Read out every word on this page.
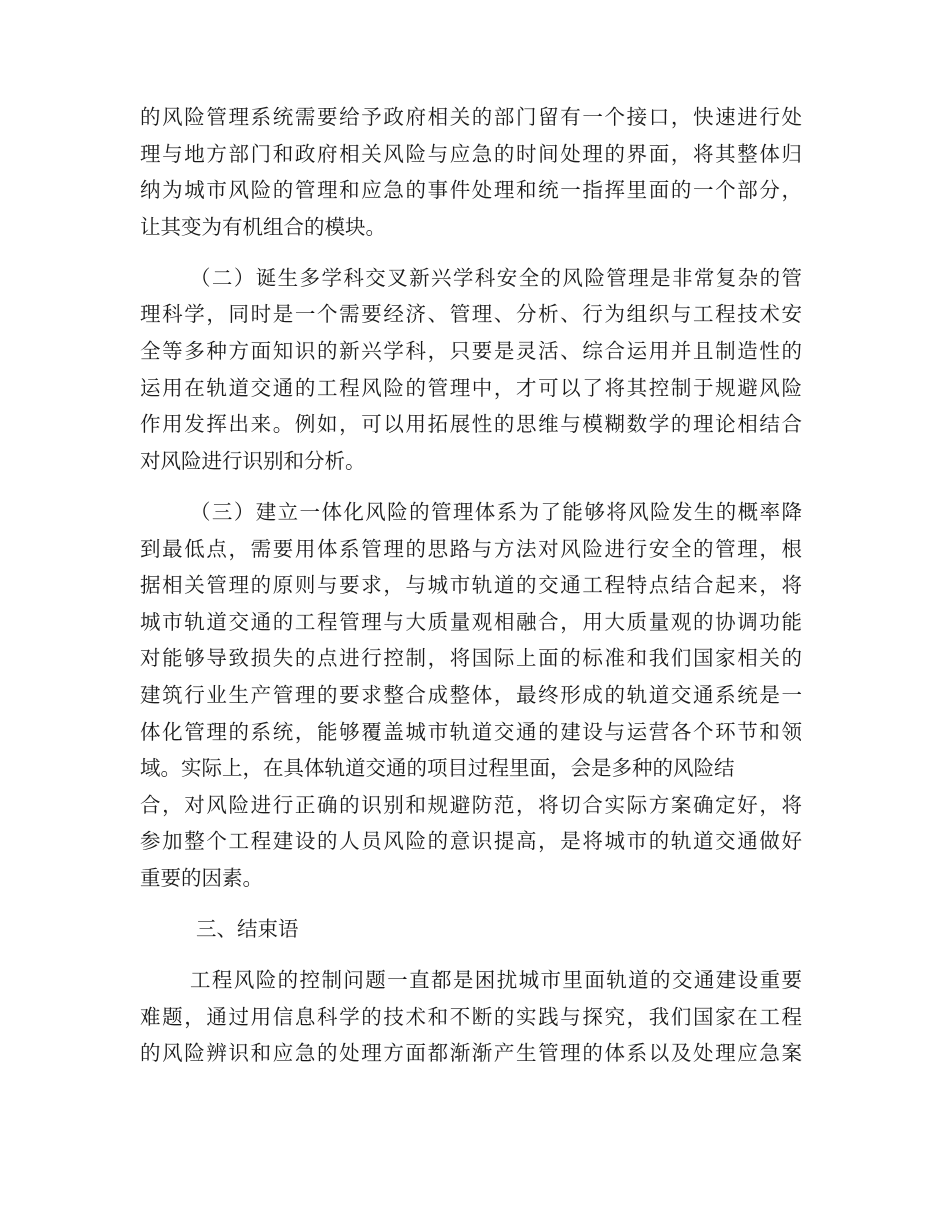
的风险管理系统需要给予政府相关的部门留有一个接口，快速进行处
理与地方部门和政府相关风险与应急的时间处理的界面，将其整体归
纳为城市风险的管理和应急的事件处理和统一指挥里面的一个部分，
让其变为有机组合的模块。
（二）诞生多学科交叉新兴学科安全的风险管理是非常复杂的管
理科学，同时是一个需要经济、管理、分析、行为组织与工程技术安
全等多种方面知识的新兴学科，只要是灵活、综合运用并且制造性的
运用在轨道交通的工程风险的管理中，才可以了将其控制于规避风险
作用发挥出来。例如，可以用拓展性的思维与模糊数学的理论相结合
对风险进行识别和分析。
（三）建立一体化风险的管理体系为了能够将风险发生的概率降
到最低点，需要用体系管理的思路与方法对风险进行安全的管理，根
据相关管理的原则与要求，与城市轨道的交通工程特点结合起来，将
城市轨道交通的工程管理与大质量观相融合，用大质量观的协调功能
对能够导致损失的点进行控制，将国际上面的标准和我们国家相关的
建筑行业生产管理的要求整合成整体，最终形成的轨道交通系统是一
体化管理的系统，能够覆盖城市轨道交通的建设与运营各个环节和领
域。实际上，在具体轨道交通的项目过程里面，会是多种的风险结
合，对风险进行正确的识别和规避防范，将切合实际方案确定好，将
参加整个工程建设的人员风险的意识提高，是将城市的轨道交通做好
重要的因素。
三、结束语
工程风险的控制问题一直都是困扰城市里面轨道的交通建设重要
难题，通过用信息科学的技术和不断的实践与探究，我们国家在工程
的风险辨识和应急的处理方面都渐渐产生管理的体系以及处理应急案
